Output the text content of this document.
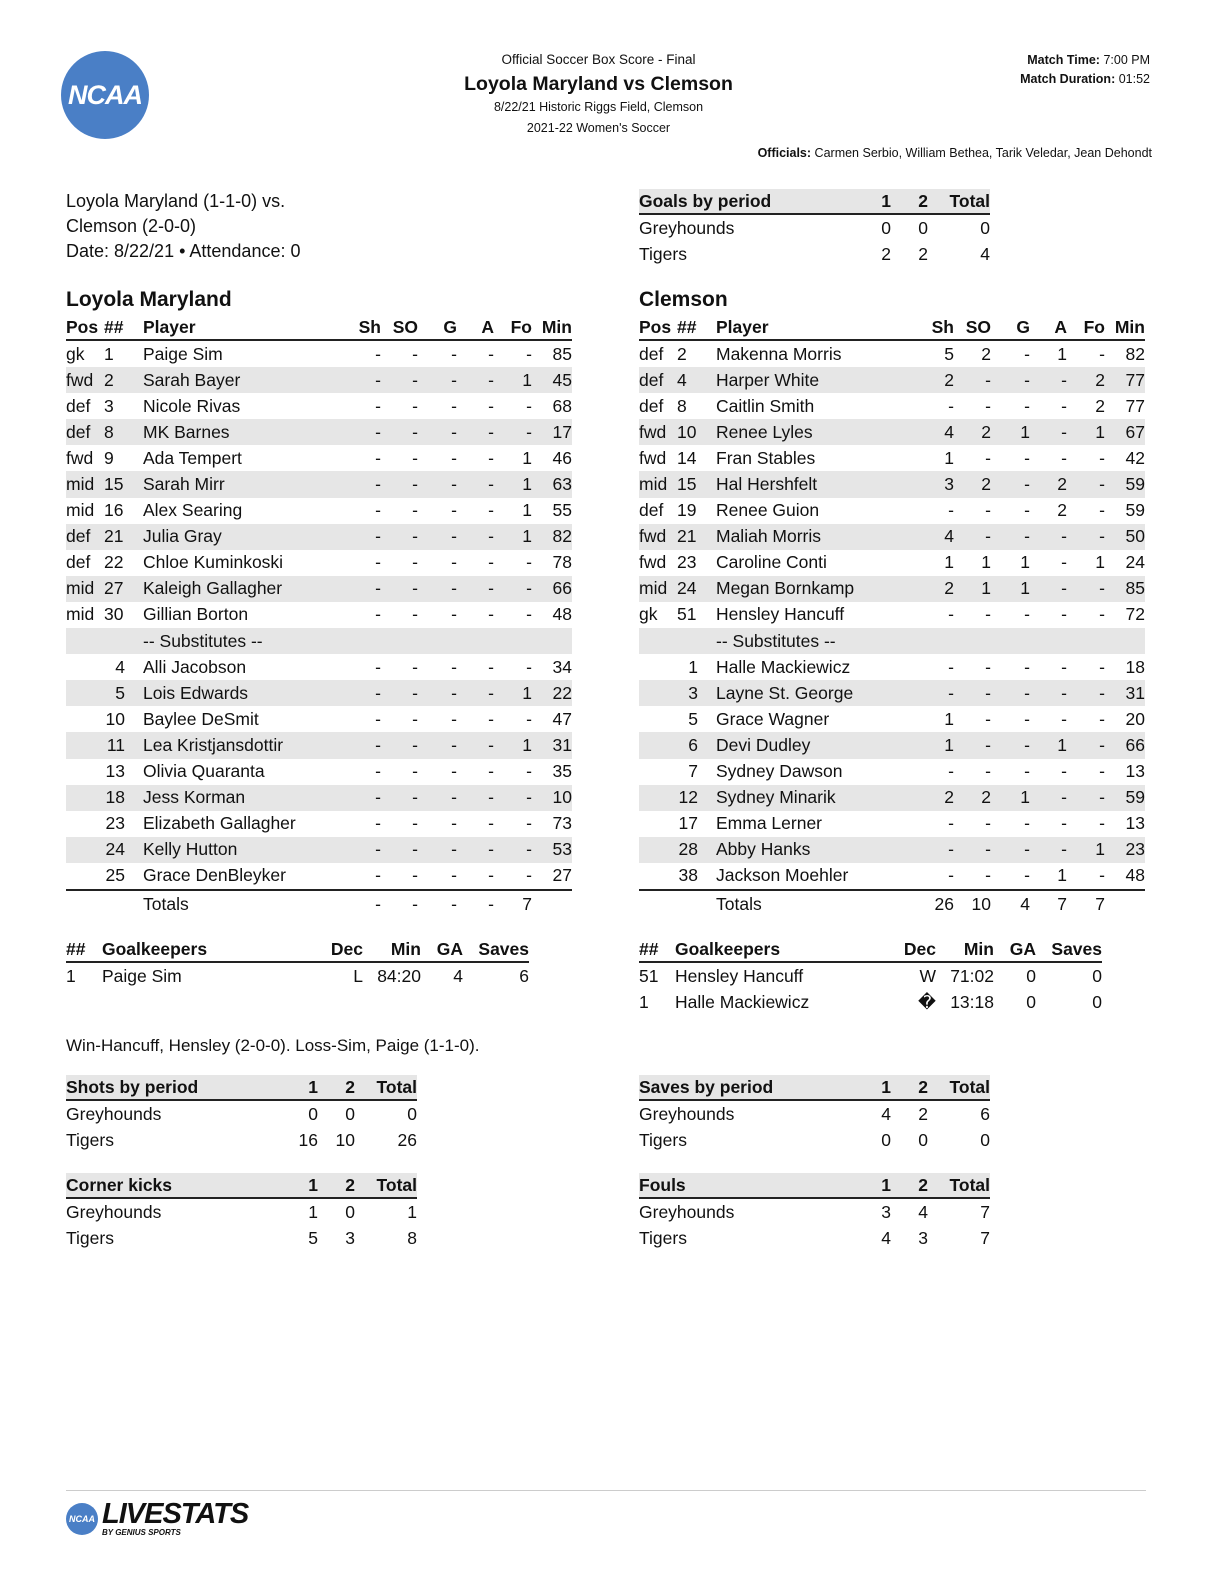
NCAA
Official Soccer Box Score - Final
Loyola Maryland vs Clemson
8/22/21 Historic Riggs Field, Clemson
2021-22 Women's Soccer
Match Time: 7:00 PM
Match Duration: 01:52
Officials: Carmen Serbio, William Bethea, Tarik Veledar, Jean Dehondt
Loyola Maryland (1-1-0) vs.
Clemson (2-0-0)
Date: 8/22/21 • Attendance: 0
Loyola Maryland	Clemson
Pos	##	Player	Sh	SO	G	A	Fo	Min
gk	1	Paige Sim	-	-	-	-	-	85
fwd	2	Sarah Bayer	-	-	-	-	1	45
def	3	Nicole Rivas	-	-	-	-	-	68
def	8	MK Barnes	-	-	-	-	-	17
fwd	9	Ada Tempert	-	-	-	-	1	46
mid	15	Sarah Mirr	-	-	-	-	1	63
mid	16	Alex Searing	-	-	-	-	1	55
def	21	Julia Gray	-	-	-	-	1	82
def	22	Chloe Kuminkoski	-	-	-	-	-	78
mid	27	Kaleigh Gallagher	-	-	-	-	-	66
mid	30	Gillian Borton	-	-	-	-	-	48
		-- Substitutes --						
	4	Alli Jacobson	-	-	-	-	-	34
	5	Lois Edwards	-	-	-	-	1	22
	10	Baylee DeSmit	-	-	-	-	-	47
	11	Lea Kristjansdottir	-	-	-	-	1	31
	13	Olivia Quaranta	-	-	-	-	-	35
	18	Jess Korman	-	-	-	-	-	10
	23	Elizabeth Gallagher	-	-	-	-	-	73
	24	Kelly Hutton	-	-	-	-	-	53
	25	Grace DenBleyker	-	-	-	-	-	27
		Totals	-	-	-	-	7	
Pos	##	Player	Sh	SO	G	A	Fo	Min
def	2	Makenna Morris	5	2	-	1	-	82
def	4	Harper White	2	-	-	-	2	77
def	8	Caitlin Smith	-	-	-	-	2	77
fwd	10	Renee Lyles	4	2	1	-	1	67
fwd	14	Fran Stables	1	-	-	-	-	42
mid	15	Hal Hershfelt	3	2	-	2	-	59
def	19	Renee Guion	-	-	-	2	-	59
fwd	21	Maliah Morris	4	-	-	-	-	50
fwd	23	Caroline Conti	1	1	1	-	1	24
mid	24	Megan Bornkamp	2	1	1	-	-	85
gk	51	Hensley Hancuff	-	-	-	-	-	72
		-- Substitutes --						
	1	Halle Mackiewicz	-	-	-	-	-	18
	3	Layne St. George	-	-	-	-	-	31
	5	Grace Wagner	1	-	-	-	-	20
	6	Devi Dudley	1	-	-	1	-	66
	7	Sydney Dawson	-	-	-	-	-	13
	12	Sydney Minarik	2	2	1	-	-	59
	17	Emma Lerner	-	-	-	-	-	13
	28	Abby Hanks	-	-	-	-	1	23
	38	Jackson Moehler	-	-	-	1	-	48
		Totals	26	10	4	7	7	
##	Goalkeepers	Dec	Min	GA	Saves
1	Paige Sim	L	84:20	4	6
##	Goalkeepers	Dec	Min	GA	Saves
51	Hensley Hancuff	W	71:02	0	0
1	Halle Mackiewicz	�	13:18	0	0
Win-Hancuff, Hensley (2-0-0). Loss-Sim, Paige (1-1-0).
Goals by period	1	2	Total
Greyhounds	0	0	0
Tigers	2	2	4
Shots by period	1	2	Total
Greyhounds	0	0	0
Tigers	16	10	26
Corner kicks	1	2	Total
Greyhounds	1	0	1
Tigers	5	3	8
Saves by period	1	2	Total
Greyhounds	4	2	6
Tigers	0	0	0
Fouls	1	2	Total
Greyhounds	3	4	7
Tigers	4	3	7
NCAA LIVESTATS
BY GENIUS SPORTS
